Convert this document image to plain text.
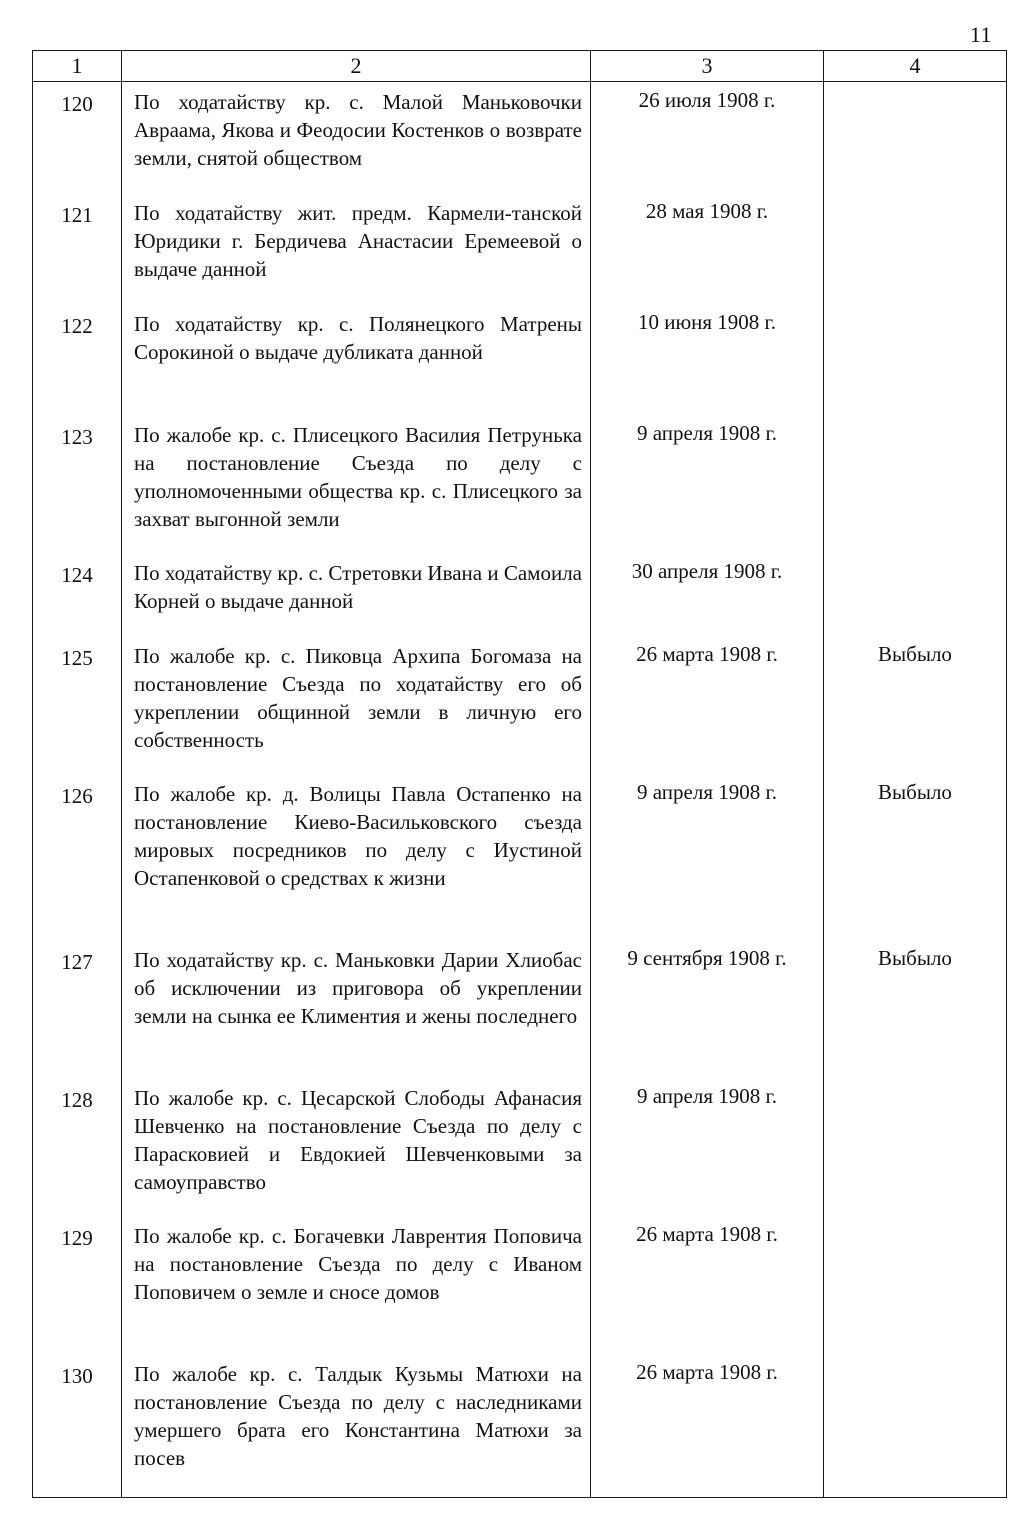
11
1	2	3	4
120	По ходатайству кр. с. Малой Маньковочки Авраама, Якова и Феодосии Костенков о возврате земли, снятой обществом	26 июля 1908 г.	
121	По ходатайству жит. предм. Кармели-танской Юридики г. Бердичева Анастасии Еремеевой о выдаче данной	28 мая 1908 г.	
122	По ходатайству кр. с. Полянецкого Матрены Сорокиной о выдаче дубликата данной	10 июня 1908 г.	
123	По жалобе кр. с. Плисецкого Василия Петрунька на постановление Съезда по делу с уполномоченными общества кр. с. Плисецкого за захват выгонной земли	9 апреля 1908 г.	
124	По ходатайству кр. с. Стретовки Ивана и Самоила Корней о выдаче данной	30 апреля 1908 г.	
125	По жалобе кр. с. Пиковца Архипа Богомаза на постановление Съезда по ходатайству его об укреплении общинной земли в личную его собственность	26 марта 1908 г.	Выбыло
126	По жалобе кр. д. Волицы Павла Остапенко на постановление Киево-Васильковского съезда мировых посредников по делу с Иустиной Остапенковой о средствах к жизни	9 апреля 1908 г.	Выбыло
127	По ходатайству кр. с. Маньковки Дарии Хлиобас об исключении из приговора об укреплении земли на сынка ее Климентия и жены последнего	9 сентября 1908 г.	Выбыло
128	По жалобе кр. с. Цесарской Слободы Афанасия Шевченко на постановление Съезда по делу с Парасковией и Евдокией Шевченковыми за самоуправство	9 апреля 1908 г.	
129	По жалобе кр. с. Богачевки Лаврентия Поповича на постановление Съезда по делу с Иваном Поповичем о земле и сносе домов	26 марта 1908 г.	
130	По жалобе кр. с. Талдык Кузьмы Матюхи на постановление Съезда по делу с наследниками умершего брата его Константина Матюхи за посев	26 марта 1908 г.	
